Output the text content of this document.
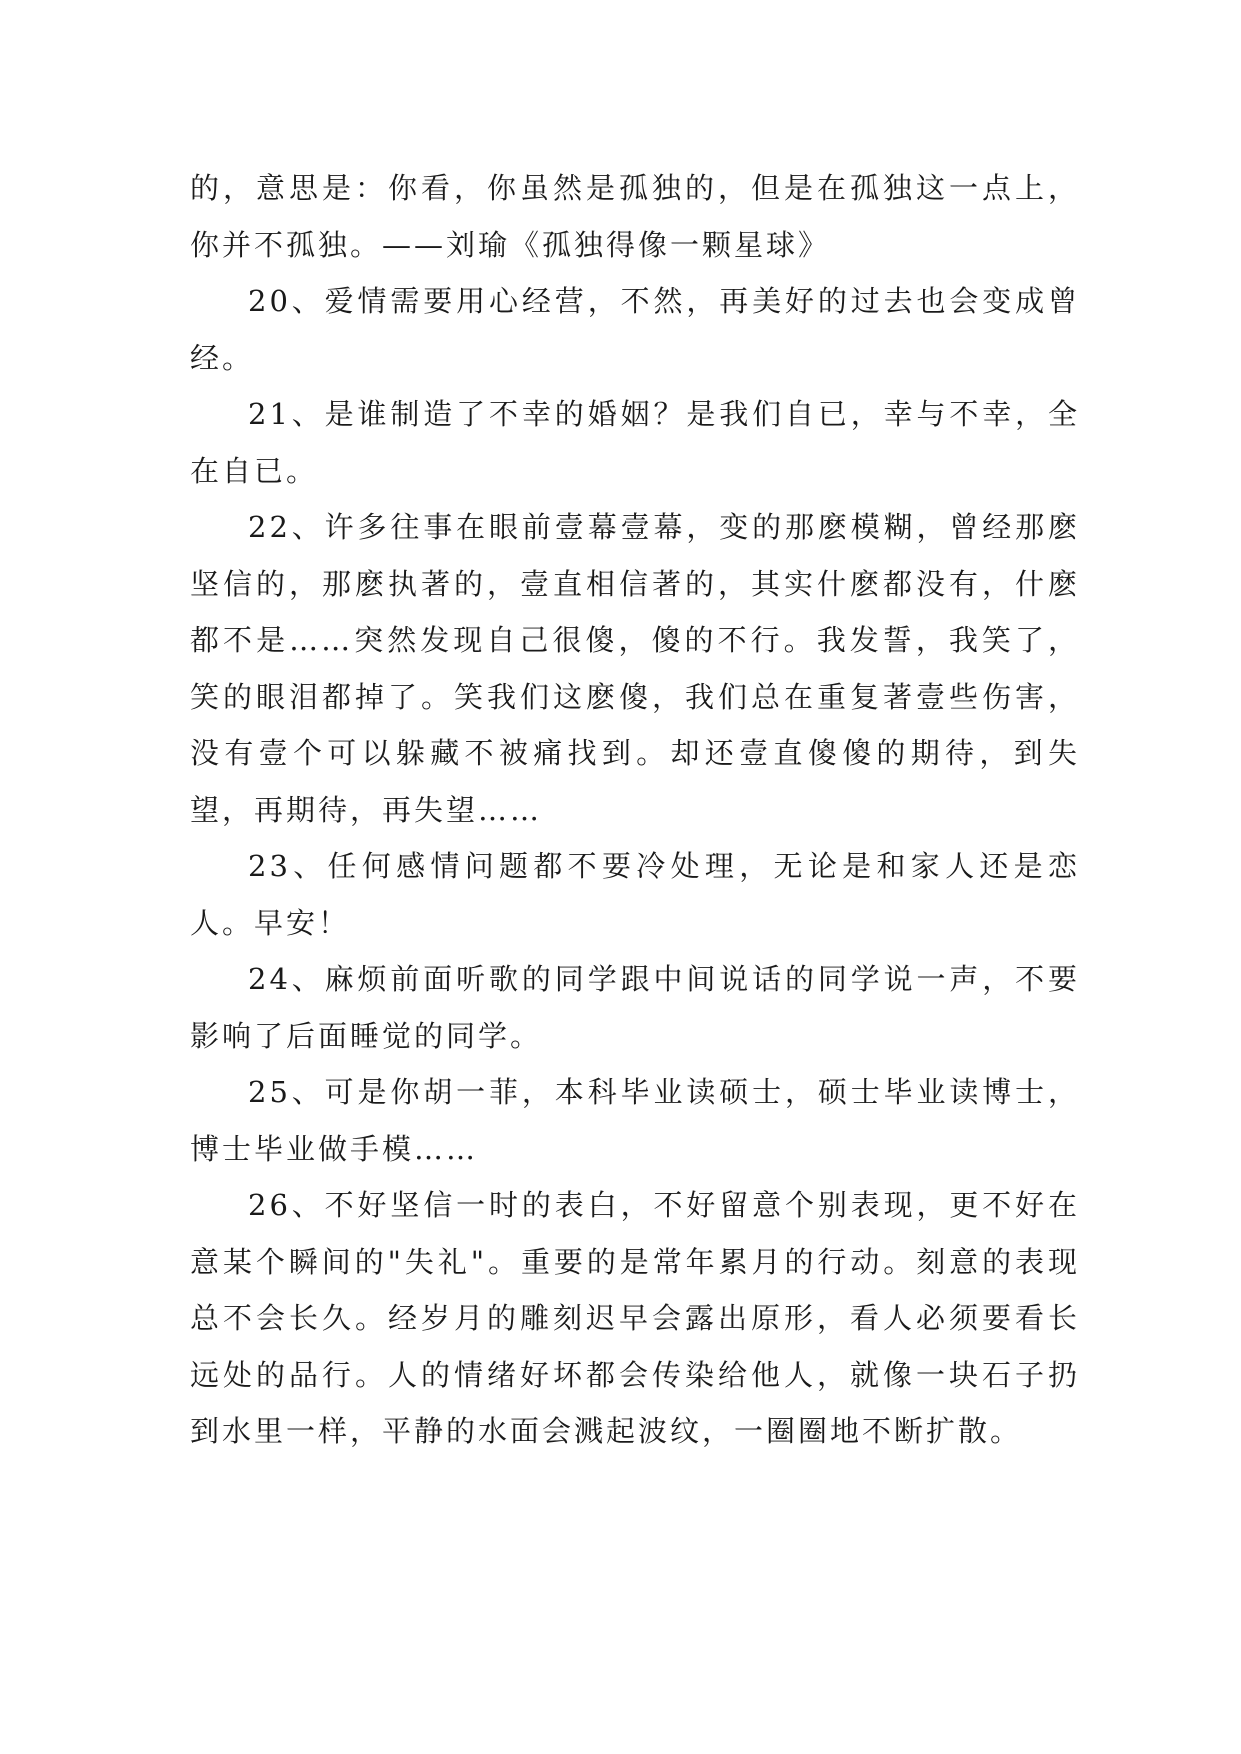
的，意思是：你看，你虽然是孤独的，但是在孤独这一点上，你并不孤独。——刘瑜《孤独得像一颗星球》

20、爱情需要用心经营，不然，再美好的过去也会变成曾经。

21、是谁制造了不幸的婚姻？是我们自已，幸与不幸，全在自已。

22、许多往事在眼前壹幕壹幕，变的那麽模糊，曾经那麽坚信的，那麽执著的，壹直相信著的，其实什麽都没有，什麽都不是……突然发现自己很傻，傻的不行。我发誓，我笑了，笑的眼泪都掉了。笑我们这麽傻，我们总在重复著壹些伤害，没有壹个可以躲藏不被痛找到。却还壹直傻傻的期待，到失望，再期待，再失望……

23、任何感情问题都不要冷处理，无论是和家人还是恋人。早安！

24、麻烦前面听歌的同学跟中间说话的同学说一声，不要影响了后面睡觉的同学。

25、可是你胡一菲，本科毕业读硕士，硕士毕业读博士，博士毕业做手模……

26、不好坚信一时的表白，不好留意个别表现，更不好在意某个瞬间的"失礼"。重要的是常年累月的行动。刻意的表现总不会长久。经岁月的雕刻迟早会露出原形，看人必须要看长远处的品行。人的情绪好坏都会传染给他人，就像一块石子扔到水里一样，平静的水面会溅起波纹，一圈圈地不断扩散。
